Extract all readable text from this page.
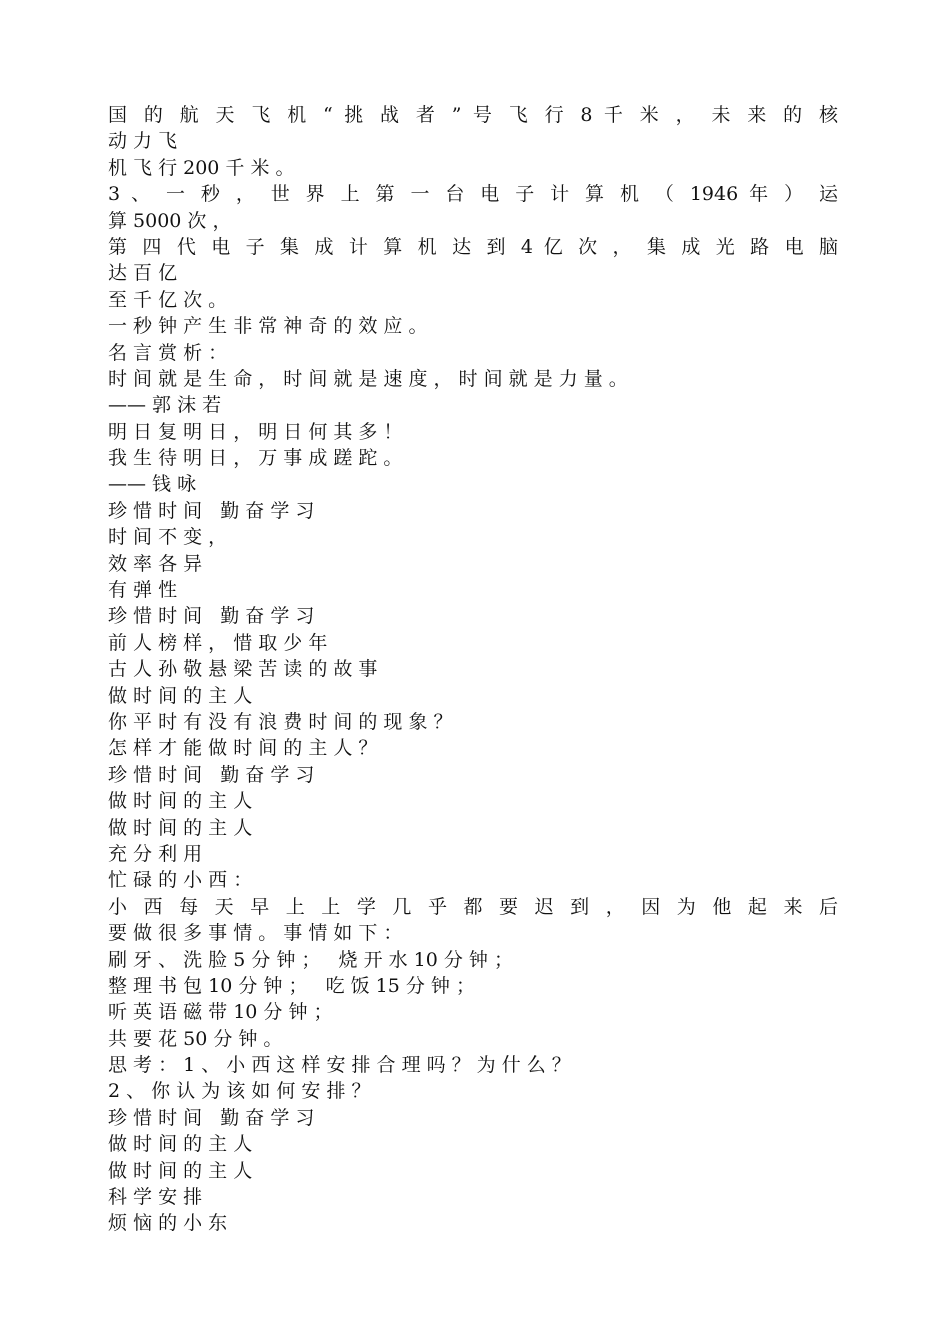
国 的 航 天 飞 机 “ 挑 战 者 ” 号 飞 行 8 千 米 ， 未 来 的 核
动 力 飞
机 飞 行 200 千 米 。
3 、 一 秒 ， 世 界 上 第 一 台 电 子 计 算 机 （ 1946 年 ） 运
算 5000 次 ，
第 四 代 电 子 集 成 计 算 机 达 到 4 亿 次 ， 集 成 光 路 电 脑
达 百 亿
至 千 亿 次 。
一 秒 钟 产 生 非 常 神 奇 的 效 应 。
名 言 赏 析 ：
时 间 就 是 生 命 ， 时 间 就 是 速 度 ， 时 间 就 是 力 量 。
—— 郭 沫 若
明 日 复 明 日 ， 明 日 何 其 多 ！
我 生 待 明 日 ， 万 事 成 蹉 跎 。
—— 钱 咏
珍 惜 时 间   勤 奋 学 习
时 间 不 变 ，
效 率 各 异
有 弹 性
珍 惜 时 间   勤 奋 学 习
前 人 榜 样 ， 惜 取 少 年
古 人 孙 敬 悬 梁 苦 读 的 故 事
做 时 间 的 主 人
你 平 时 有 没 有 浪 费 时 间 的 现 象 ？
怎 样 才 能 做 时 间 的 主 人 ？
珍 惜 时 间   勤 奋 学 习
做 时 间 的 主 人
做 时 间 的 主 人
充 分 利 用
忙 碌 的 小 西 ：
小 西 每 天 早 上 上 学 几 乎 都 要 迟 到 ， 因 为 他 起 来 后
要 做 很 多 事 情 。 事 情 如 下 ：
刷 牙 、 洗 脸 5 分 钟 ；   烧 开 水 10 分 钟 ；
整 理 书 包 10 分 钟 ；   吃 饭 15 分 钟 ；
听 英 语 磁 带 10 分 钟 ；
共 要 花 50 分 钟 。
思 考 ： 1 、 小 西 这 样 安 排 合 理 吗 ？ 为 什 么 ？
2 、 你 认 为 该 如 何 安 排 ？
珍 惜 时 间   勤 奋 学 习
做 时 间 的 主 人
做 时 间 的 主 人
科 学 安 排
烦 恼 的 小 东
